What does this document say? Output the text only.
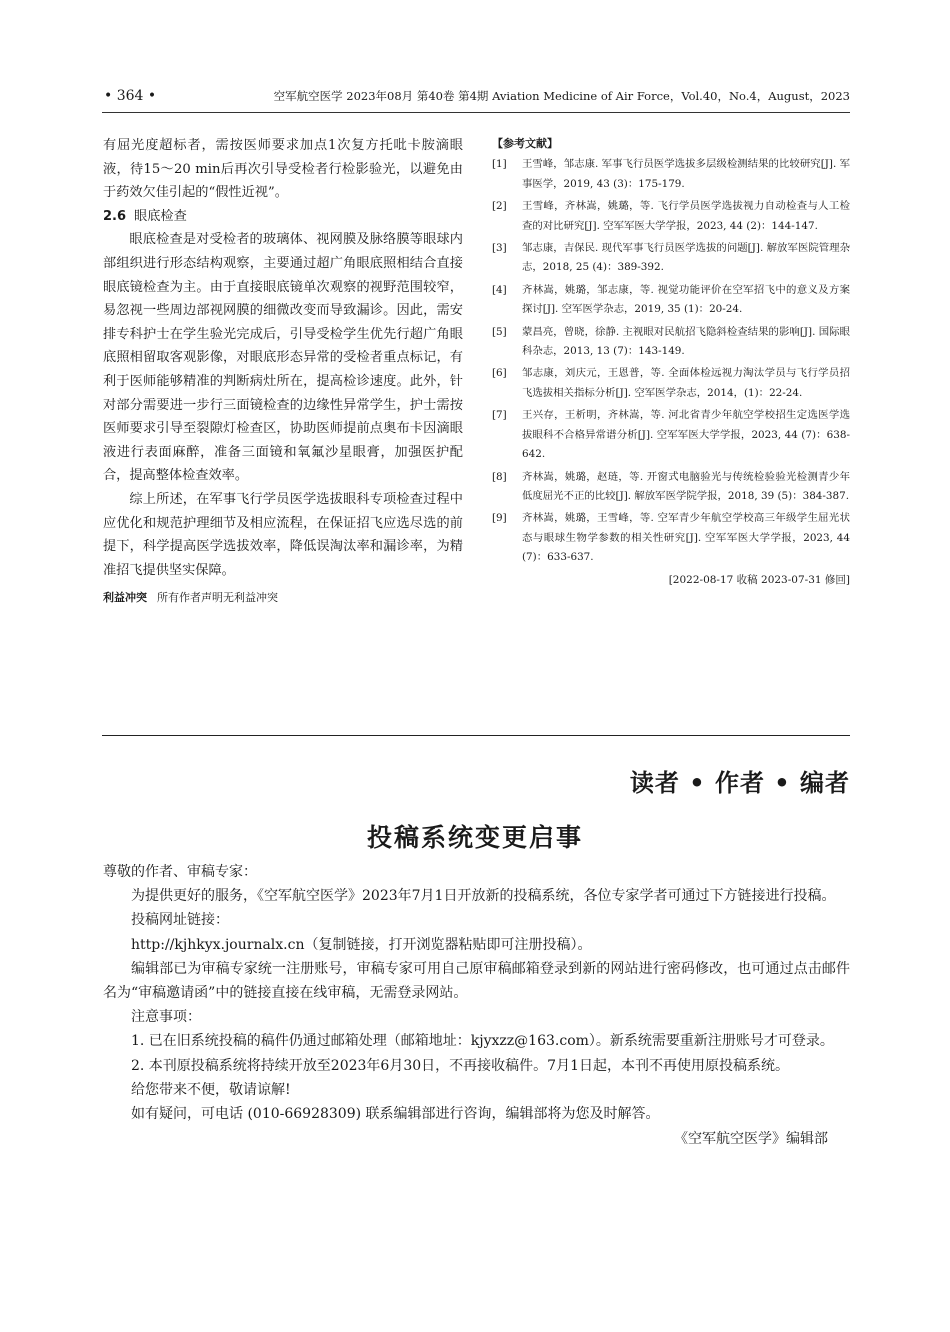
• 364 •	空军航空医学 2023年08月 第40卷 第4期 Aviation Medicine of Air Force，Vol.40，No.4，August，2023

有屈光度超标者，需按医师要求加点1次复方托吡卡胺滴眼液，待15～20 min后再次引导受检者行检影验光，以避免由于药效欠佳引起的“假性近视”。

2.6 眼底检查

眼底检查是对受检者的玻璃体、视网膜及脉络膜等眼球内部组织进行形态结构观察，主要通过超广角眼底照相结合直接眼底镜检查为主。由于直接眼底镜单次观察的视野范围较窄，易忽视一些周边部视网膜的细微改变而导致漏诊。因此，需安排专科护士在学生验光完成后，引导受检学生优先行超广角眼底照相留取客观影像，对眼底形态异常的受检者重点标记，有利于医师能够精准的判断病灶所在，提高检诊速度。此外，针对部分需要进一步行三面镜检查的边缘性异常学生，护士需按医师要求引导至裂隙灯检查区，协助医师提前点奥布卡因滴眼液进行表面麻醉，准备三面镜和氧氟沙星眼膏，加强医护配合，提高整体检查效率。

综上所述，在军事飞行学员医学选拔眼科专项检查过程中应优化和规范护理细节及相应流程，在保证招飞应选尽选的前提下，科学提高医学选拔效率，降低误淘汰率和漏诊率，为精准招飞提供坚实保障。

利益冲突 所有作者声明无利益冲突

【参考文献】
[1]	王雪峰，邹志康. 军事飞行员医学选拔多层级检测结果的比较研究[J]. 军事医学，2019, 43 (3)：175-179.
[2]	王雪峰，齐林嵩，姚璐，等. 飞行学员医学选拔视力自动检查与人工检查的对比研究[J]. 空军军医大学学报，2023, 44 (2)：144-147.
[3]	邹志康，吉保民. 现代军事飞行员医学选拔的问题[J]. 解放军医院管理杂志，2018, 25 (4)：389-392.
[4]	齐林嵩，姚璐，邹志康，等. 视觉功能评价在空军招飞中的意义及方案探讨[J]. 空军医学杂志，2019, 35 (1)：20-24.
[5]	蒙昌亮，曾晓，徐静. 主视眼对民航招飞隐斜检查结果的影响[J]. 国际眼科杂志，2013, 13 (7)：143-149.
[6]	邹志康，刘庆元，王恩普，等. 全面体检远视力淘汰学员与飞行学员招飞选拔相关指标分析[J]. 空军医学杂志，2014，(1)：22-24.
[7]	王兴存，王析明，齐林嵩，等. 河北省青少年航空学校招生定选医学选拔眼科不合格异常谱分析[J]. 空军军医大学学报，2023, 44 (7)：638-642.
[8]	齐林嵩，姚璐，赵琏，等. 开窗式电脑验光与传统检验验光检测青少年低度屈光不正的比较[J]. 解放军医学院学报，2018, 39 (5)：384-387.
[9]	齐林嵩，姚璐，王雪峰，等. 空军青少年航空学校高三年级学生屈光状态与眼球生物学参数的相关性研究[J]. 空军军医大学学报，2023, 44 (7)：633-637.
[2022-08-17 收稿 2023-07-31 修回]
读者 • 作者 • 编者
投稿系统变更启事

尊敬的作者、审稿专家：

为提供更好的服务，《空军航空医学》2023年7月1日开放新的投稿系统，各位专家学者可通过下方链接进行投稿。

投稿网址链接：

http://kjhkyx.journalx.cn（复制链接，打开浏览器粘贴即可注册投稿）。

编辑部已为审稿专家统一注册账号，审稿专家可用自己原审稿邮箱登录到新的网站进行密码修改，也可通过点击邮件名为“审稿邀请函”中的链接直接在线审稿，无需登录网站。

注意事项：

1. 已在旧系统投稿的稿件仍通过邮箱处理（邮箱地址：kjyxzz@163.com）。新系统需要重新注册账号才可登录。

2. 本刊原投稿系统将持续开放至2023年6月30日，不再接收稿件。7月1日起，本刊不再使用原投稿系统。

给您带来不便，敬请谅解!

如有疑问，可电话 (010-66928309) 联系编辑部进行咨询，编辑部将为您及时解答。

《空军航空医学》编辑部
